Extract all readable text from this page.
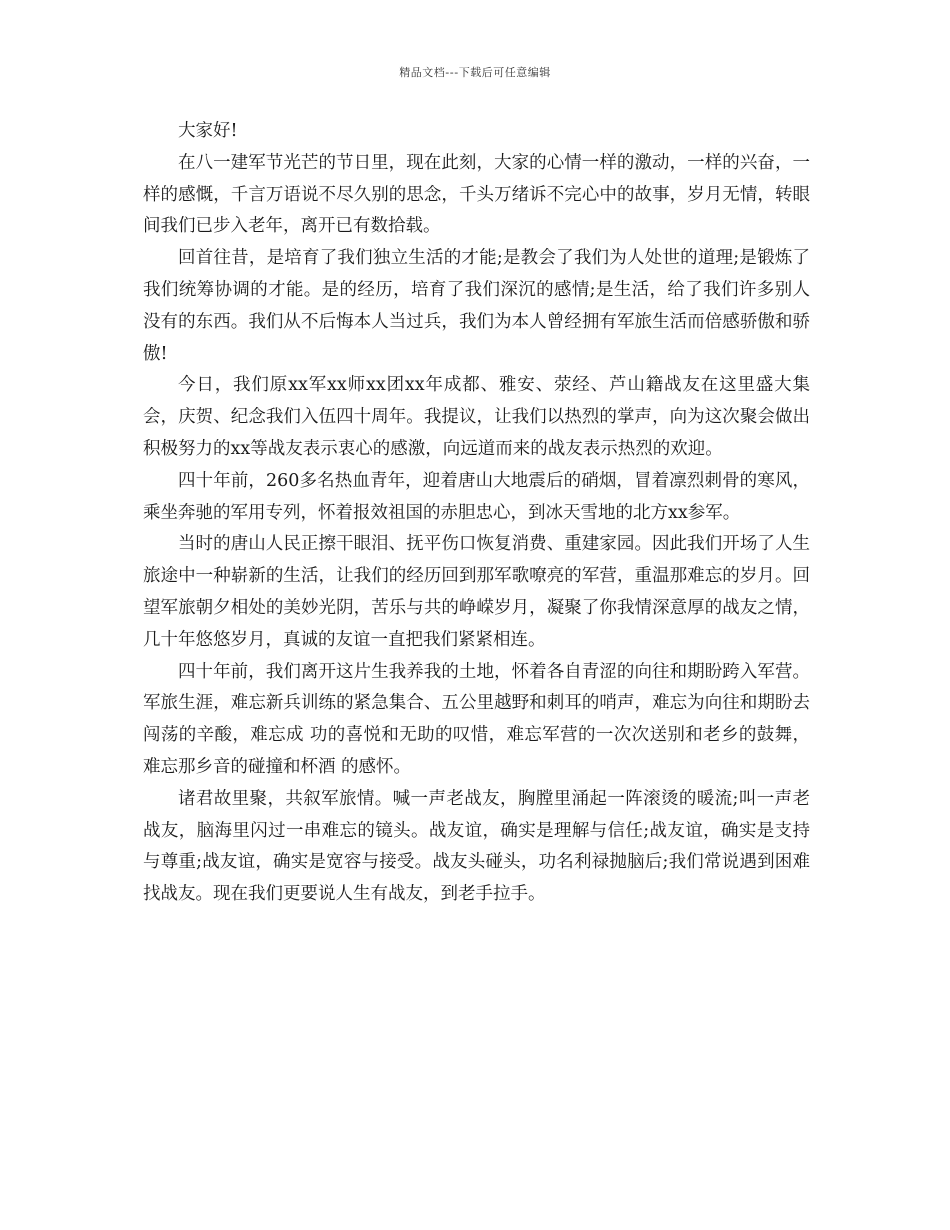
精品文档---下载后可任意编辑

大家好!

在八一建军节光芒的节日里，现在此刻，大家的心情一样的激动，一样的兴奋，一样的感慨，千言万语说不尽久别的思念，千头万绪诉不完心中的故事，岁月无情，转眼间我们已步入老年，离开已有数拾载。

回首往昔，是培育了我们独立生活的才能;是教会了我们为人处世的道理;是锻炼了我们统筹协调的才能。是的经历，培育了我们深沉的感情;是生活，给了我们许多别人没有的东西。我们从不后悔本人当过兵，我们为本人曾经拥有军旅生活而倍感骄傲和骄傲!

今日，我们原xx军xx师xx团xx年成都、雅安、荥经、芦山籍战友在这里盛大集会，庆贺、纪念我们入伍四十周年。我提议，让我们以热烈的掌声，向为这次聚会做出积极努力的xx等战友表示衷心的感激，向远道而来的战友表示热烈的欢迎。

四十年前，260多名热血青年，迎着唐山大地震后的硝烟，冒着凛烈刺骨的寒风，乘坐奔驰的军用专列，怀着报效祖国的赤胆忠心，到冰天雪地的北方xx参军。

当时的唐山人民正擦干眼泪、抚平伤口恢复消费、重建家园。因此我们开场了人生旅途中一种崭新的生活，让我们的经历回到那军歌嘹亮的军营，重温那难忘的岁月。回望军旅朝夕相处的美妙光阴，苦乐与共的峥嵘岁月，凝聚了你我情深意厚的战友之情，几十年悠悠岁月，真诚的友谊一直把我们紧紧相连。

四十年前，我们离开这片生我养我的土地，怀着各自青涩的向往和期盼跨入军营。军旅生涯，难忘新兵训练的紧急集合、五公里越野和刺耳的哨声，难忘为向往和期盼去闯荡的辛酸，难忘成 功的喜悦和无助的叹惜，难忘军营的一次次送别和老乡的鼓舞，难忘那乡音的碰撞和杯酒 的感怀。

诸君故里聚，共叙军旅情。喊一声老战友，胸膛里涌起一阵滚烫的暖流;叫一声老战友，脑海里闪过一串难忘的镜头。战友谊，确实是理解与信任;战友谊，确实是支持与尊重;战友谊，确实是宽容与接受。战友头碰头，功名利禄抛脑后;我们常说遇到困难找战友。现在我们更要说人生有战友，到老手拉手。
